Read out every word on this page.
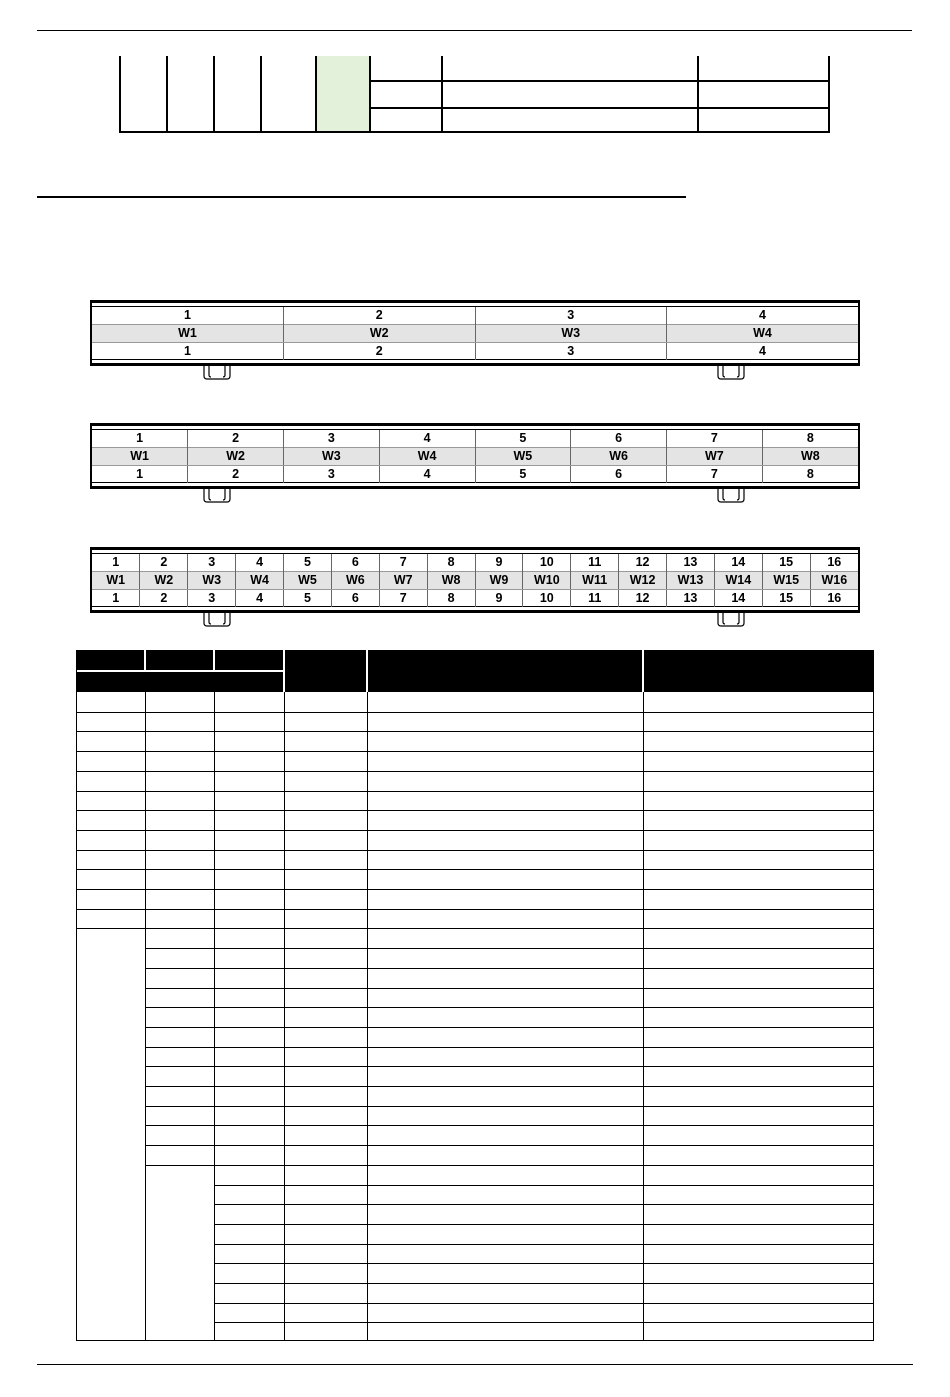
1	2	3	4
W1	W2	W3	W4
1	2	3	4
1	2	3	4	5	6	7	8
W1	W2	W3	W4	W5	W6	W7	W8
1	2	3	4	5	6	7	8
1	2	3	4	5	6	7	8	9	10	11	12	13	14	15	16
W1	W2	W3	W4	W5	W6	W7	W8	W9	W10	W11	W12	W13	W14	W15	W16
1	2	3	4	5	6	7	8	9	10	11	12	13	14	15	16
